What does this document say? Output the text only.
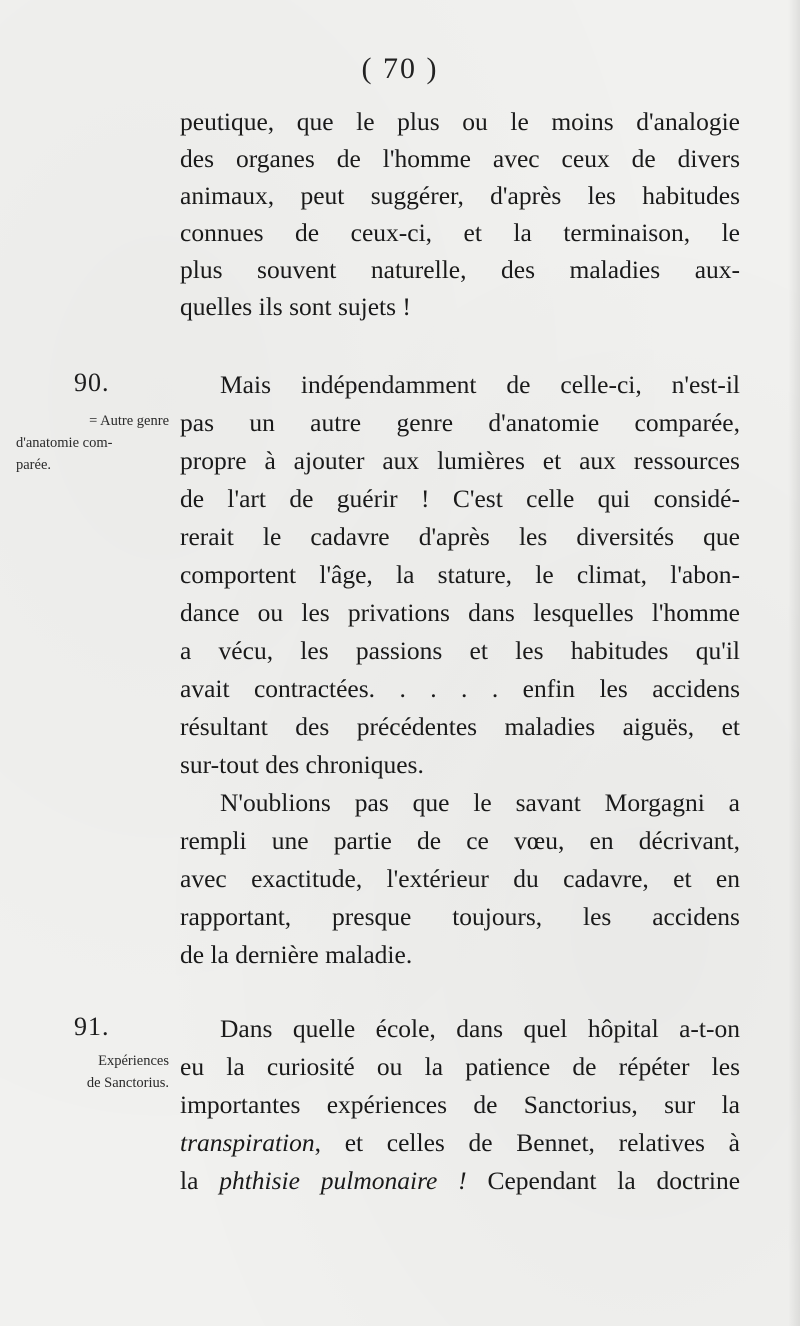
( 70 )
peutique, que le plus ou le moins d'analogie
des organes de l'homme avec ceux de divers
animaux, peut suggérer, d'après les habitudes
connues de ceux-ci, et la terminaison, le
plus souvent naturelle, des maladies aux-
quelles ils sont sujets !
90.
= Autre genre
d'anatomie com-
parée.
Mais indépendamment de celle-ci, n'est-il
pas un autre genre d'anatomie comparée,
propre à ajouter aux lumières et aux ressources
de l'art de guérir ! C'est celle qui considé-
rerait le cadavre d'après les diversités que
comportent l'âge, la stature, le climat, l'abon-
dance ou les privations dans lesquelles l'homme
a vécu, les passions et les habitudes qu'il
avait contractées. . . . . enfin les accidens
résultant des précédentes maladies aiguës, et
sur-tout des chroniques.
N'oublions pas que le savant Morgagni a
rempli une partie de ce vœu, en décrivant,
avec exactitude, l'extérieur du cadavre, et en
rapportant, presque toujours, les accidens
de la dernière maladie.
91.
Expériences
de Sanctorius.
Dans quelle école, dans quel hôpital a-t-on
eu la curiosité ou la patience de répéter les
importantes expériences de Sanctorius, sur la
transpiration, et celles de Bennet, relatives à
la phthisie pulmonaire ! Cependant la doctrine
